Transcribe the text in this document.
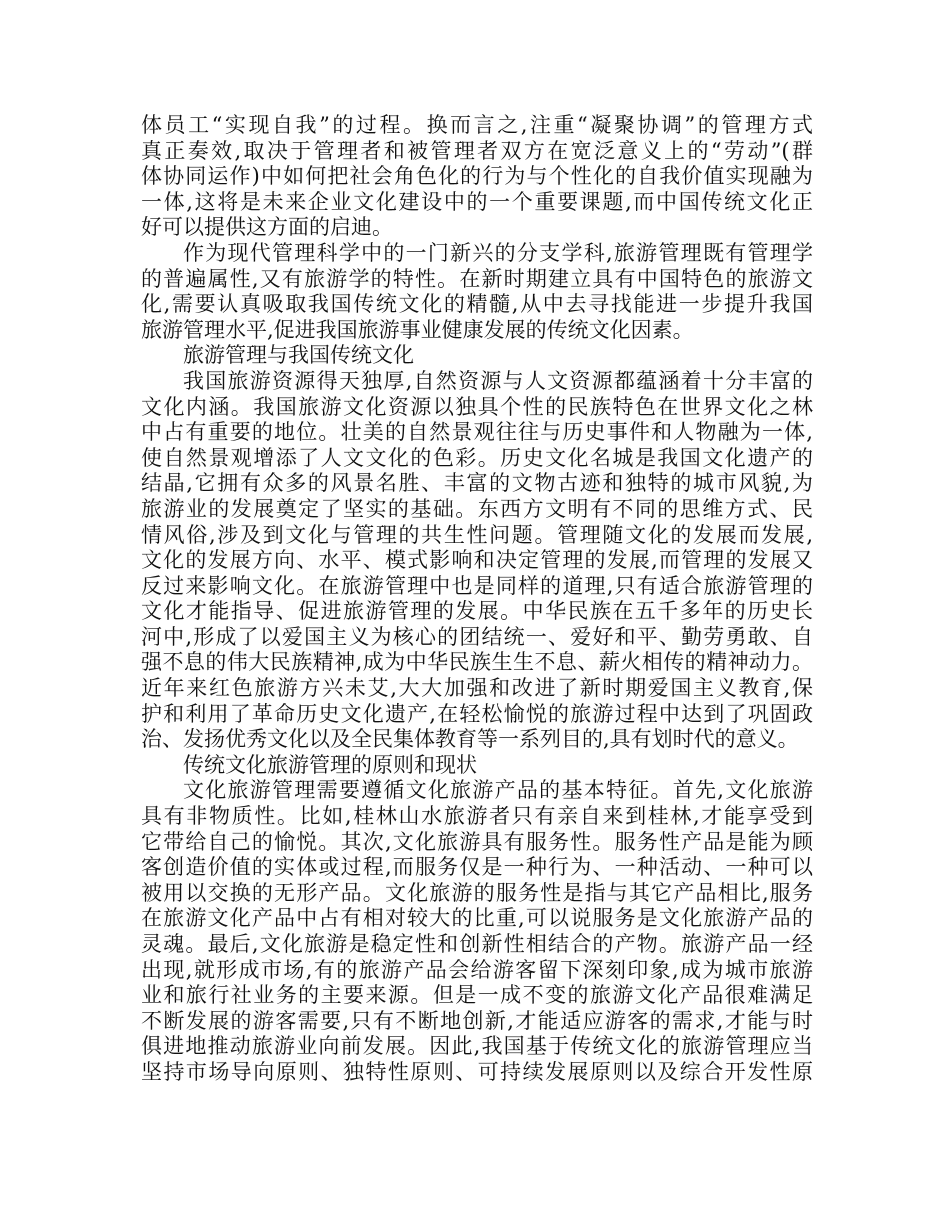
体员工“实现自我”的过程。换而言之,注重“凝聚协调”的管理方式
真正奏效,取决于管理者和被管理者双方在宽泛意义上的“劳动”(群
体协同运作)中如何把社会角色化的行为与个性化的自我价值实现融为
一体,这将是未来企业文化建设中的一个重要课题,而中国传统文化正
好可以提供这方面的启迪。
作为现代管理科学中的一门新兴的分支学科,旅游管理既有管理学
的普遍属性,又有旅游学的特性。在新时期建立具有中国特色的旅游文
化,需要认真吸取我国传统文化的精髓,从中去寻找能进一步提升我国
旅游管理水平,促进我国旅游事业健康发展的传统文化因素。
旅游管理与我国传统文化
我国旅游资源得天独厚,自然资源与人文资源都蕴涵着十分丰富的
文化内涵。我国旅游文化资源以独具个性的民族特色在世界文化之林
中占有重要的地位。壮美的自然景观往往与历史事件和人物融为一体,
使自然景观增添了人文文化的色彩。历史文化名城是我国文化遗产的
结晶,它拥有众多的风景名胜、丰富的文物古迹和独特的城市风貌,为
旅游业的发展奠定了坚实的基础。东西方文明有不同的思维方式、民
情风俗,涉及到文化与管理的共生性问题。管理随文化的发展而发展,
文化的发展方向、水平、模式影响和决定管理的发展,而管理的发展又
反过来影响文化。在旅游管理中也是同样的道理,只有适合旅游管理的
文化才能指导、促进旅游管理的发展。中华民族在五千多年的历史长
河中,形成了以爱国主义为核心的团结统一、爱好和平、勤劳勇敢、自
强不息的伟大民族精神,成为中华民族生生不息、薪火相传的精神动力。
近年来红色旅游方兴未艾,大大加强和改进了新时期爱国主义教育,保
护和利用了革命历史文化遗产,在轻松愉悦的旅游过程中达到了巩固政
治、发扬优秀文化以及全民集体教育等一系列目的,具有划时代的意义。
传统文化旅游管理的原则和现状
文化旅游管理需要遵循文化旅游产品的基本特征。首先,文化旅游
具有非物质性。比如,桂林山水旅游者只有亲自来到桂林,才能享受到
它带给自己的愉悦。其次,文化旅游具有服务性。服务性产品是能为顾
客创造价值的实体或过程,而服务仅是一种行为、一种活动、一种可以
被用以交换的无形产品。文化旅游的服务性是指与其它产品相比,服务
在旅游文化产品中占有相对较大的比重,可以说服务是文化旅游产品的
灵魂。最后,文化旅游是稳定性和创新性相结合的产物。旅游产品一经
出现,就形成市场,有的旅游产品会给游客留下深刻印象,成为城市旅游
业和旅行社业务的主要来源。但是一成不变的旅游文化产品很难满足
不断发展的游客需要,只有不断地创新,才能适应游客的需求,才能与时
俱进地推动旅游业向前发展。因此,我国基于传统文化的旅游管理应当
坚持市场导向原则、独特性原则、可持续发展原则以及综合开发性原
